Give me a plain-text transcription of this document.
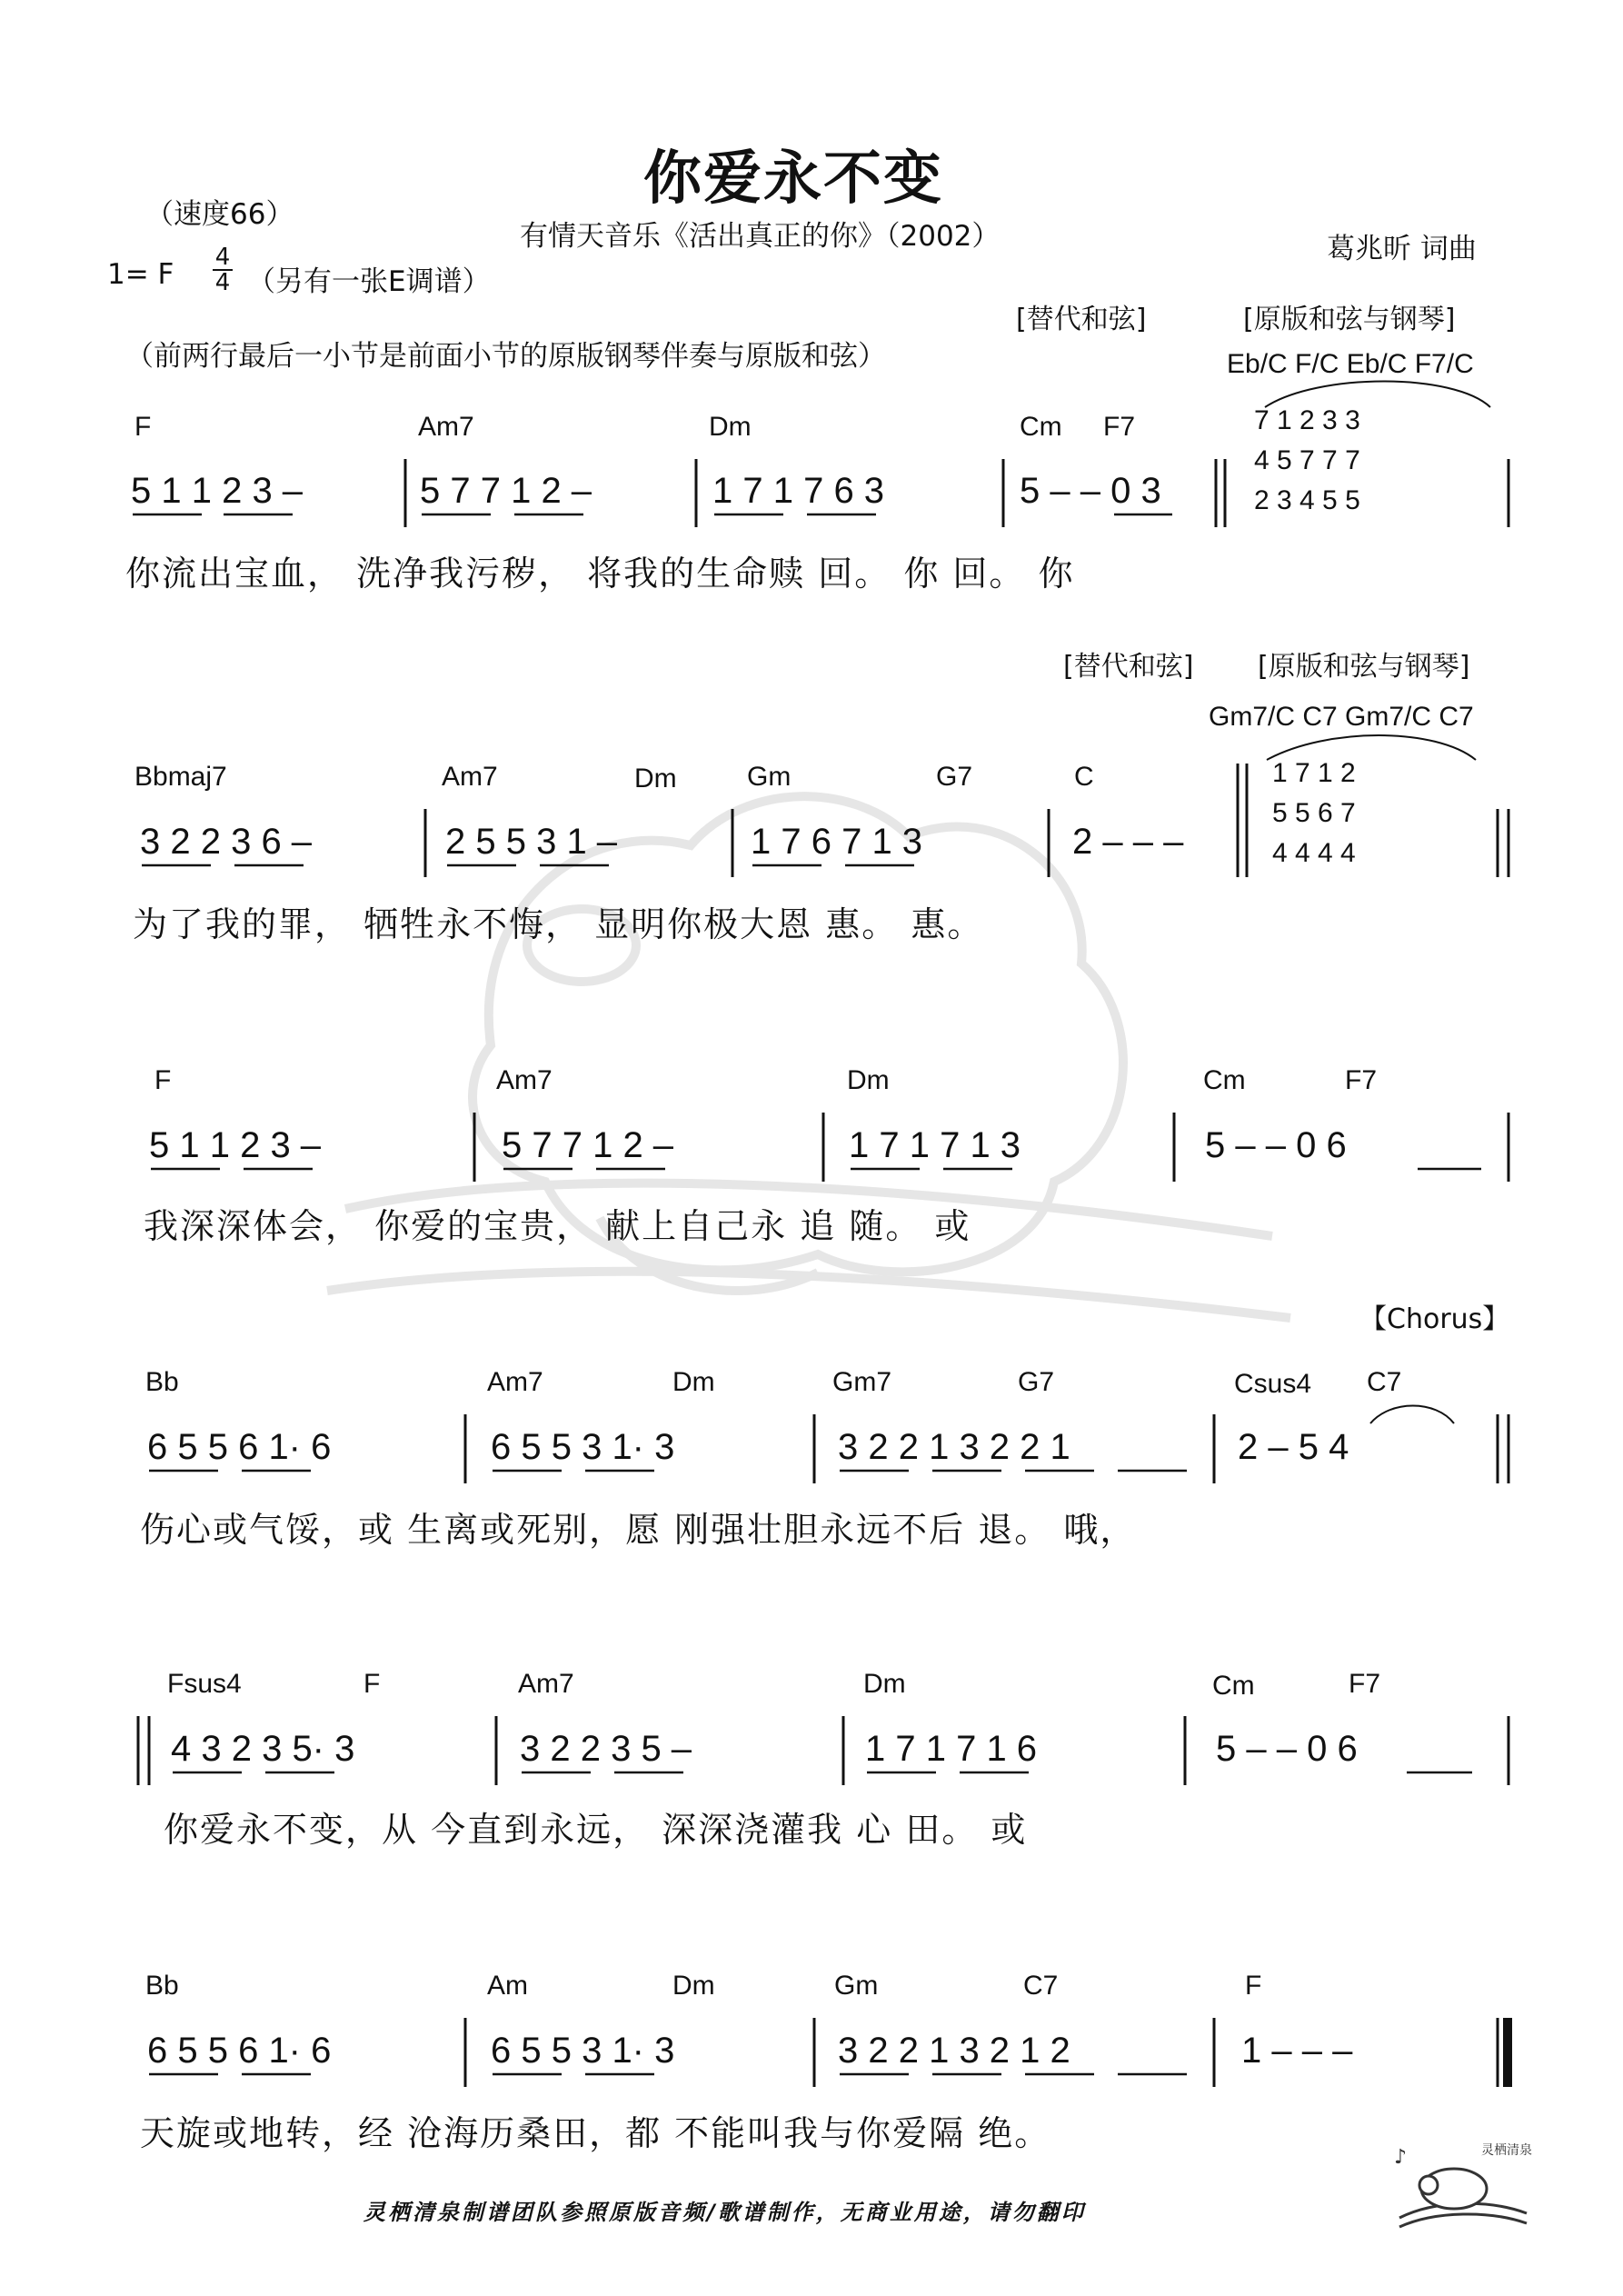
你爱永不变
（速度66）
有情天音乐《活出真正的你》（2002）	葛兆昕 词曲
1= F
4
4 （另有一张E调谱）
（前两行最后一小节是前面小节的原版钢琴伴奏与原版和弦）
[替代和弦]	[原版和弦与钢琴]
Eb/C F/C Eb/C F7/C
F	Am7	Dm	Cm F7
5 1 1 2 3 –	5 7 7 1 2 –	1 7 1 7 6 3	5 – – 0 3
7 1 2 3 3
4 5 7 7 7
2 3 4 5 5
你流出宝血， 洗净我污秽， 将我的生命赎 回。 你 回。 你
[替代和弦] [原版和弦与钢琴]
Gm7/C C7 Gm7/C C7
Bbmaj7	Am7	Dm	Gm	G7	C
3 2 2 3 6 –	2 5 5 3 1 –	1 7 6 7 1 3	2 – – –
1 7 1 2
5 5 6 7
4 4 4 4
为了我的罪， 牺牲永不悔， 显明你极大恩 惠。 惠。
F	Am7	Dm	Cm	F7
5 1 1 2 3 –	5 7 7 1 2 –	1 7 1 7 1 3	5 – – 0 6
我深深体会， 你爱的宝贵， 献上自己永 追 随。 或
【Chorus】
Bb	Am7	Dm	Gm7	G7	Csus4 C7
6 5 5 6 1· 6	6 5 5 3 1· 3	3 2 2 1 3 2 2 1	2 – 5 4
伤心或气馁，或 生离或死别，愿 刚强壮胆永远不后 退。 哦，
Fsus4	F	Am7	Dm	Cm	F7
4 3 2 3 5· 3	3 2 2 3 5 –	1 7 1 7 1 6	5 – – 0 6
你爱永不变，从 今直到永远， 深深浇灌我 心 田。 或
Bb	Am	Dm	Gm	C7	F
6 5 5 6 1· 6	6 5 5 3 1· 3	3 2 2 1 3 2 1 2	1 – – –
天旋或地转，经 沧海历桑田，都 不能叫我与你爱隔 绝。
灵栖清泉制谱团队参照原版音频/歌谱制作，无商业用途，请勿翻印
♪	灵栖清泉
